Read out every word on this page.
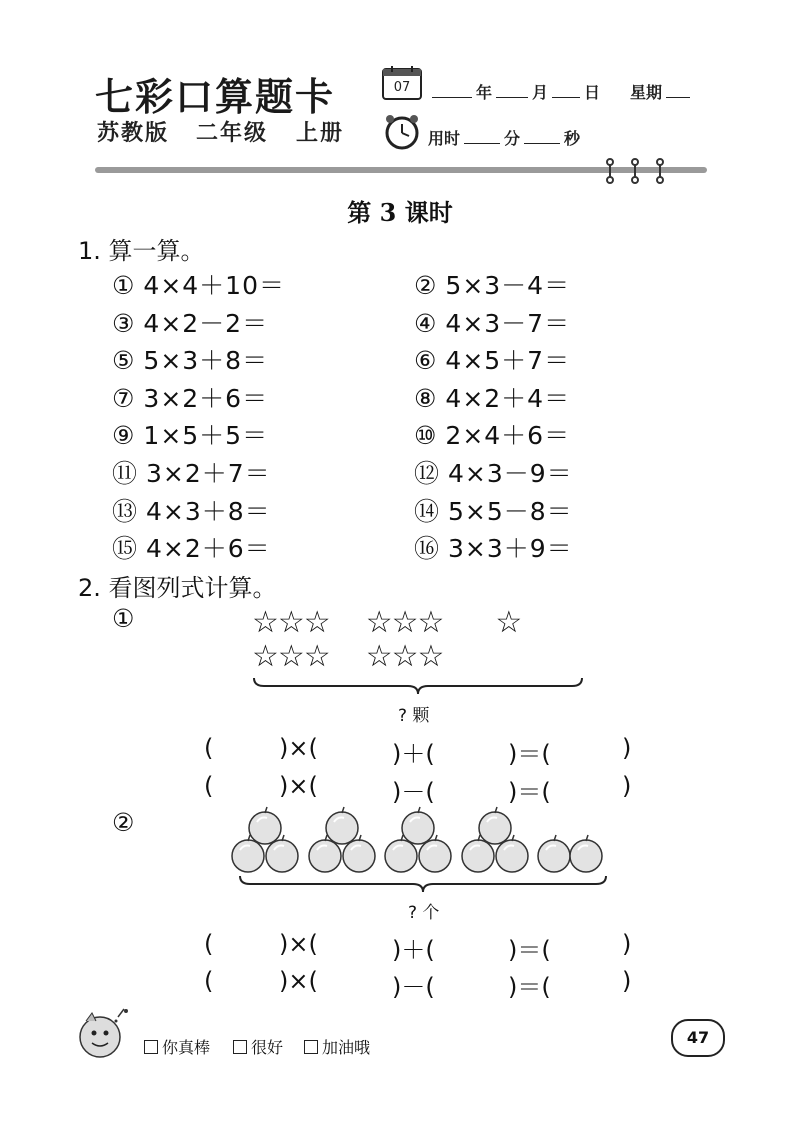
七彩口算题卡
苏教版 二年级 上册
07	年	月 日 星期
用时	分	秒
第 3 课时
1. 算一算。
① 4×4＋10＝	② 5×3－4＝
③ 4×2－2＝	④ 4×3－7＝
⑤ 5×3＋8＝	⑥ 4×5＋7＝
⑦ 3×2＋6＝	⑧ 4×2＋4＝
⑨ 1×5＋5＝	⑩ 2×4＋6＝
⑪ 3×2＋7＝	⑫ 4×3－9＝
⑬ 4×3＋8＝	⑭ 5×5－8＝
⑮ 4×2＋6＝	⑯ 3×3＋9＝
2. 看图列式计算。
①	☆☆☆ ☆☆☆ ☆
☆☆☆ ☆☆☆
? 颗
(	)×(	)＋(	)＝(	)
(	)×(	)－(	)＝(	)
②
? 个
(	)×(	)＋(	)＝(	)
(	)×(	)－(	)＝(	)
你真棒	很好	加油哦
47
